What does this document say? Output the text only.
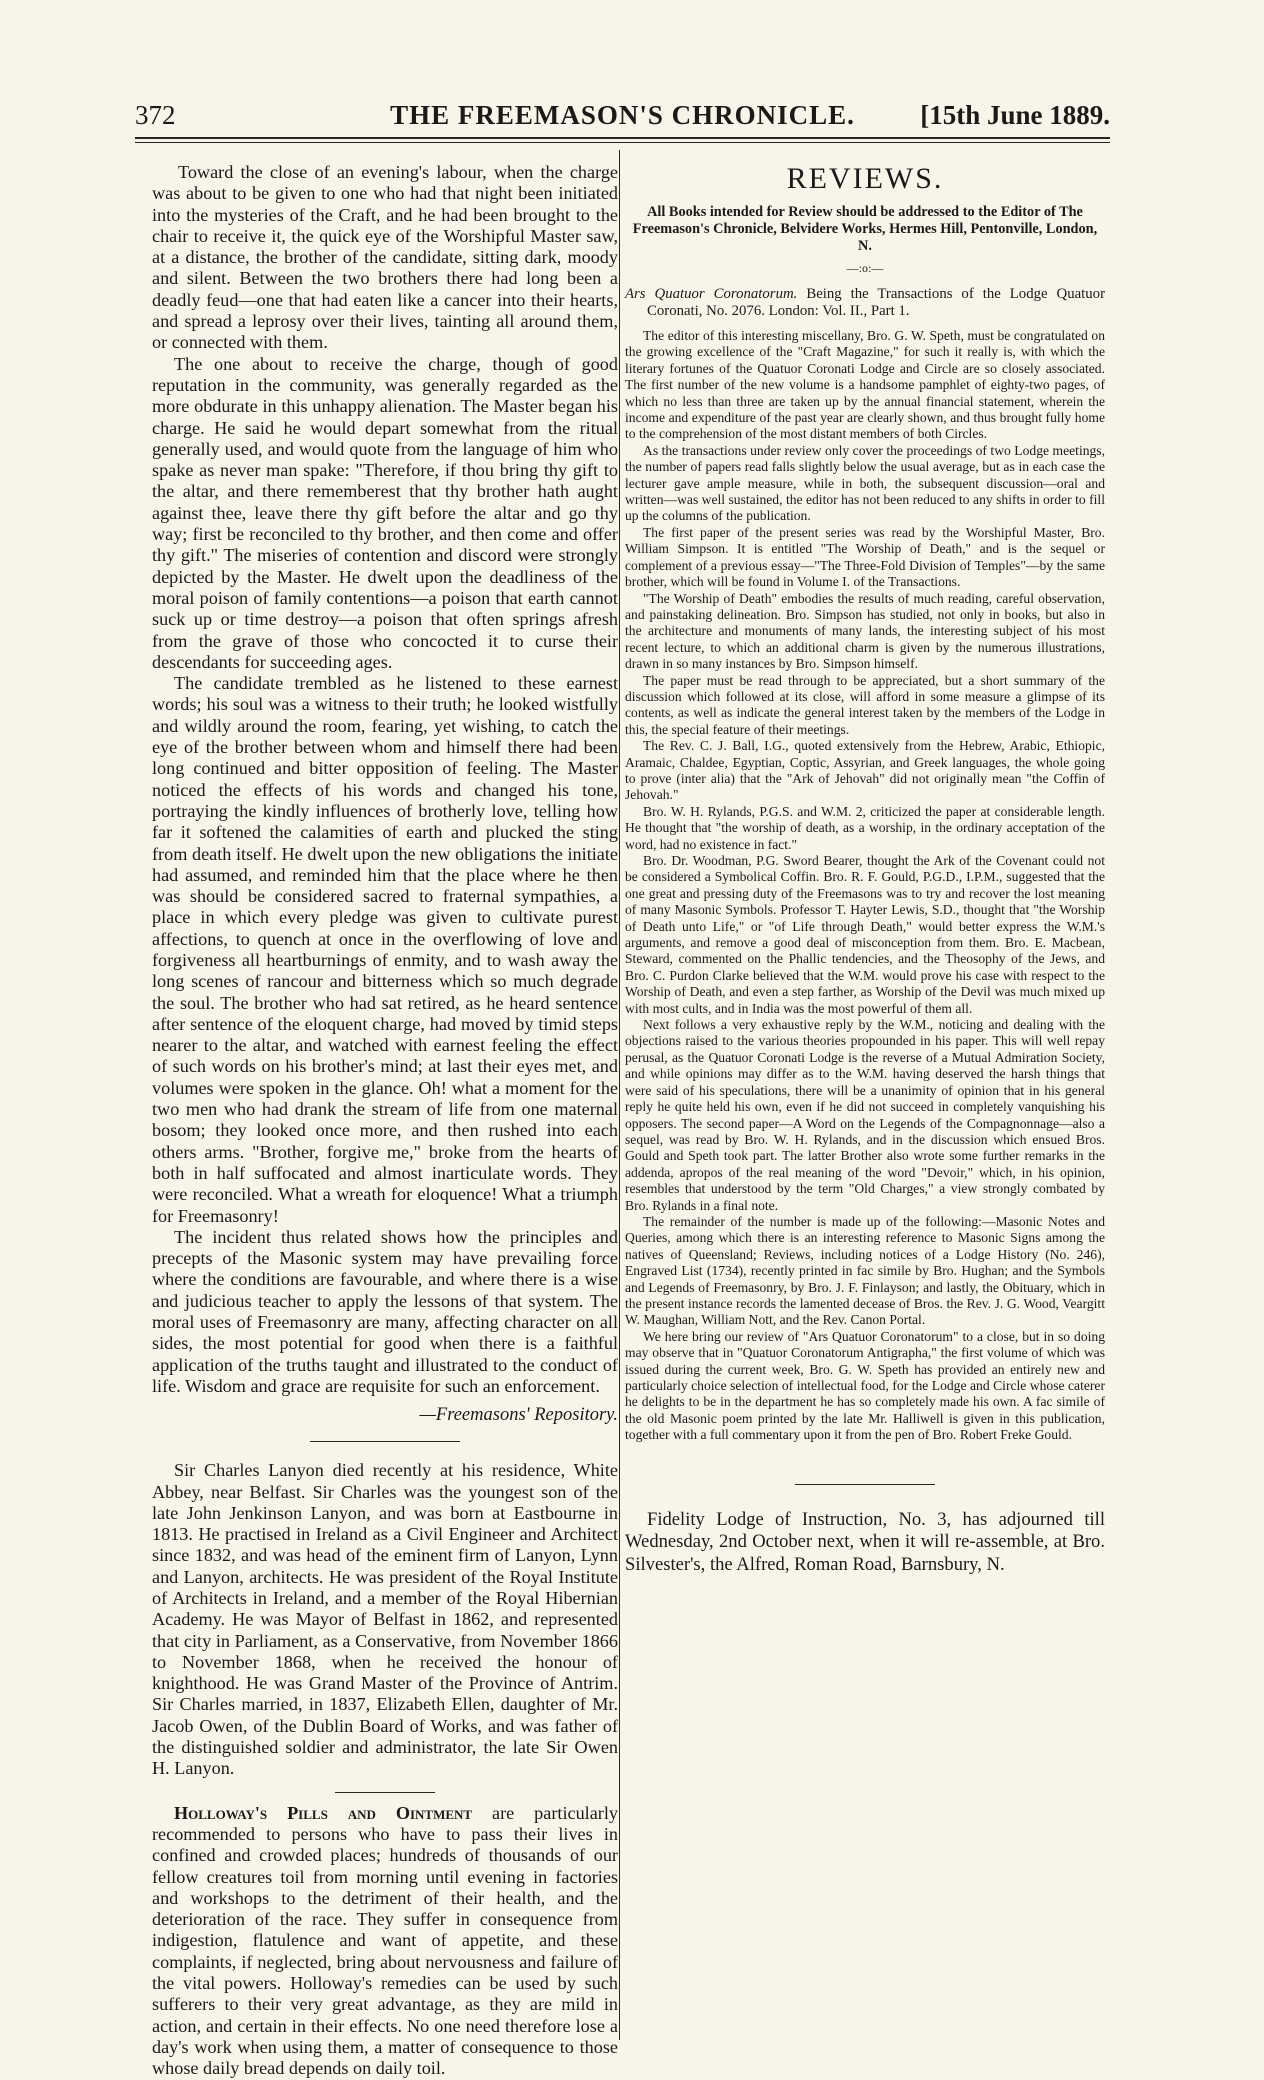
372	THE FREEMASON'S CHRONICLE.	[15th June 1889.

Toward the close of an evening's labour, when the charge was about to be given to one who had that night been initiated into the mysteries of the Craft, and he had been brought to the chair to receive it, the quick eye of the Worshipful Master saw, at a distance, the brother of the candidate, sitting dark, moody and silent. Between the two brothers there had long been a deadly feud—one that had eaten like a cancer into their hearts, and spread a leprosy over their lives, tainting all around them, or connected with them.

The one about to receive the charge, though of good reputation in the community, was generally regarded as the more obdurate in this unhappy alienation. The Master began his charge. He said he would depart somewhat from the ritual generally used, and would quote from the language of him who spake as never man spake: "Therefore, if thou bring thy gift to the altar, and there rememberest that thy brother hath aught against thee, leave there thy gift before the altar and go thy way; first be reconciled to thy brother, and then come and offer thy gift." The miseries of contention and discord were strongly depicted by the Master. He dwelt upon the deadliness of the moral poison of family contentions—a poison that earth cannot suck up or time destroy—a poison that often springs afresh from the grave of those who concocted it to curse their descendants for succeeding ages.

The candidate trembled as he listened to these earnest words; his soul was a witness to their truth; he looked wistfully and wildly around the room, fearing, yet wishing, to catch the eye of the brother between whom and himself there had been long continued and bitter opposition of feeling. The Master noticed the effects of his words and changed his tone, portraying the kindly influences of brotherly love, telling how far it softened the calamities of earth and plucked the sting from death itself. He dwelt upon the new obligations the initiate had assumed, and reminded him that the place where he then was should be considered sacred to fraternal sympathies, a place in which every pledge was given to cultivate purest affections, to quench at once in the overflowing of love and forgiveness all heartburnings of enmity, and to wash away the long scenes of rancour and bitterness which so much degrade the soul. The brother who had sat retired, as he heard sentence after sentence of the eloquent charge, had moved by timid steps nearer to the altar, and watched with earnest feeling the effect of such words on his brother's mind; at last their eyes met, and volumes were spoken in the glance. Oh! what a moment for the two men who had drank the stream of life from one maternal bosom; they looked once more, and then rushed into each others arms. "Brother, forgive me," broke from the hearts of both in half suffocated and almost inarticulate words. They were reconciled. What a wreath for eloquence! What a triumph for Freemasonry!

The incident thus related shows how the principles and precepts of the Masonic system may have prevailing force where the conditions are favourable, and where there is a wise and judicious teacher to apply the lessons of that system. The moral uses of Freemasonry are many, affecting character on all sides, the most potential for good when there is a faithful application of the truths taught and illustrated to the conduct of life. Wisdom and grace are requisite for such an enforcement.

—Freemasons' Repository.

Sir Charles Lanyon died recently at his residence, White Abbey, near Belfast. Sir Charles was the youngest son of the late John Jenkinson Lanyon, and was born at Eastbourne in 1813. He practised in Ireland as a Civil Engineer and Architect since 1832, and was head of the eminent firm of Lanyon, Lynn and Lanyon, architects. He was president of the Royal Institute of Architects in Ireland, and a member of the Royal Hibernian Academy. He was Mayor of Belfast in 1862, and represented that city in Parliament, as a Conservative, from November 1866 to November 1868, when he received the honour of knighthood. He was Grand Master of the Province of Antrim. Sir Charles married, in 1837, Elizabeth Ellen, daughter of Mr. Jacob Owen, of the Dublin Board of Works, and was father of the distinguished soldier and administrator, the late Sir Owen H. Lanyon.

Holloway's Pills and Ointment are particularly recommended to persons who have to pass their lives in confined and crowded places; hundreds of thousands of our fellow creatures toil from morning until evening in factories and workshops to the detriment of their health, and the deterioration of the race. They suffer in consequence from indigestion, flatulence and want of appetite, and these complaints, if neglected, bring about nervousness and failure of the vital powers. Holloway's remedies can be used by such sufferers to their very great advantage, as they are mild in action, and certain in their effects. No one need therefore lose a day's work when using them, a matter of consequence to those whose daily bread depends on daily toil.

REVIEWS.

All Books intended for Review should be addressed to the Editor of The Freemason's Chronicle, Belvidere Works, Hermes Hill, Pentonville, London, N.

—:o:—

Ars Quatuor Coronatorum. Being the Transactions of the Lodge Quatuor Coronati, No. 2076. London: Vol. II., Part 1.

The editor of this interesting miscellany, Bro. G. W. Speth, must be congratulated on the growing excellence of the "Craft Magazine," for such it really is, with which the literary fortunes of the Quatuor Coronati Lodge and Circle are so closely associated. The first number of the new volume is a handsome pamphlet of eighty-two pages, of which no less than three are taken up by the annual financial statement, wherein the income and expenditure of the past year are clearly shown, and thus brought fully home to the comprehension of the most distant members of both Circles.

As the transactions under review only cover the proceedings of two Lodge meetings, the number of papers read falls slightly below the usual average, but as in each case the lecturer gave ample measure, while in both, the subsequent discussion—oral and written—was well sustained, the editor has not been reduced to any shifts in order to fill up the columns of the publication.

The first paper of the present series was read by the Worshipful Master, Bro. William Simpson. It is entitled "The Worship of Death," and is the sequel or complement of a previous essay—"The Three-Fold Division of Temples"—by the same brother, which will be found in Volume I. of the Transactions.

"The Worship of Death" embodies the results of much reading, careful observation, and painstaking delineation. Bro. Simpson has studied, not only in books, but also in the architecture and monuments of many lands, the interesting subject of his most recent lecture, to which an additional charm is given by the numerous illustrations, drawn in so many instances by Bro. Simpson himself.

The paper must be read through to be appreciated, but a short summary of the discussion which followed at its close, will afford in some measure a glimpse of its contents, as well as indicate the general interest taken by the members of the Lodge in this, the special feature of their meetings.

The Rev. C. J. Ball, I.G., quoted extensively from the Hebrew, Arabic, Ethiopic, Aramaic, Chaldee, Egyptian, Coptic, Assyrian, and Greek languages, the whole going to prove (inter alia) that the "Ark of Jehovah" did not originally mean "the Coffin of Jehovah."

Bro. W. H. Rylands, P.G.S. and W.M. 2, criticized the paper at considerable length. He thought that "the worship of death, as a worship, in the ordinary acceptation of the word, had no existence in fact."

Bro. Dr. Woodman, P.G. Sword Bearer, thought the Ark of the Covenant could not be considered a Symbolical Coffin. Bro. R. F. Gould, P.G.D., I.P.M., suggested that the one great and pressing duty of the Freemasons was to try and recover the lost meaning of many Masonic Symbols. Professor T. Hayter Lewis, S.D., thought that "the Worship of Death unto Life," or "of Life through Death," would better express the W.M.'s arguments, and remove a good deal of misconception from them. Bro. E. Macbean, Steward, commented on the Phallic tendencies, and the Theosophy of the Jews, and Bro. C. Purdon Clarke believed that the W.M. would prove his case with respect to the Worship of Death, and even a step farther, as Worship of the Devil was much mixed up with most cults, and in India was the most powerful of them all.

Next follows a very exhaustive reply by the W.M., noticing and dealing with the objections raised to the various theories propounded in his paper. This will well repay perusal, as the Quatuor Coronati Lodge is the reverse of a Mutual Admiration Society, and while opinions may differ as to the W.M. having deserved the harsh things that were said of his speculations, there will be a unanimity of opinion that in his general reply he quite held his own, even if he did not succeed in completely vanquishing his opposers. The second paper—A Word on the Legends of the Compagnonnage—also a sequel, was read by Bro. W. H. Rylands, and in the discussion which ensued Bros. Gould and Speth took part. The latter Brother also wrote some further remarks in the addenda, apropos of the real meaning of the word "Devoir," which, in his opinion, resembles that understood by the term "Old Charges," a view strongly combated by Bro. Rylands in a final note.

The remainder of the number is made up of the following:—Masonic Notes and Queries, among which there is an interesting reference to Masonic Signs among the natives of Queensland; Reviews, including notices of a Lodge History (No. 246), Engraved List (1734), recently printed in fac simile by Bro. Hughan; and the Symbols and Legends of Freemasonry, by Bro. J. F. Finlayson; and lastly, the Obituary, which in the present instance records the lamented decease of Bros. the Rev. J. G. Wood, Veargitt W. Maughan, William Nott, and the Rev. Canon Portal.

We here bring our review of "Ars Quatuor Coronatorum" to a close, but in so doing may observe that in "Quatuor Coronatorum Antigrapha," the first volume of which was issued during the current week, Bro. G. W. Speth has provided an entirely new and particularly choice selection of intellectual food, for the Lodge and Circle whose caterer he delights to be in the department he has so completely made his own. A fac simile of the old Masonic poem printed by the late Mr. Halliwell is given in this publication, together with a full commentary upon it from the pen of Bro. Robert Freke Gould.

Fidelity Lodge of Instruction, No. 3, has adjourned till Wednesday, 2nd October next, when it will re-assemble, at Bro. Silvester's, the Alfred, Roman Road, Barnsbury, N.
